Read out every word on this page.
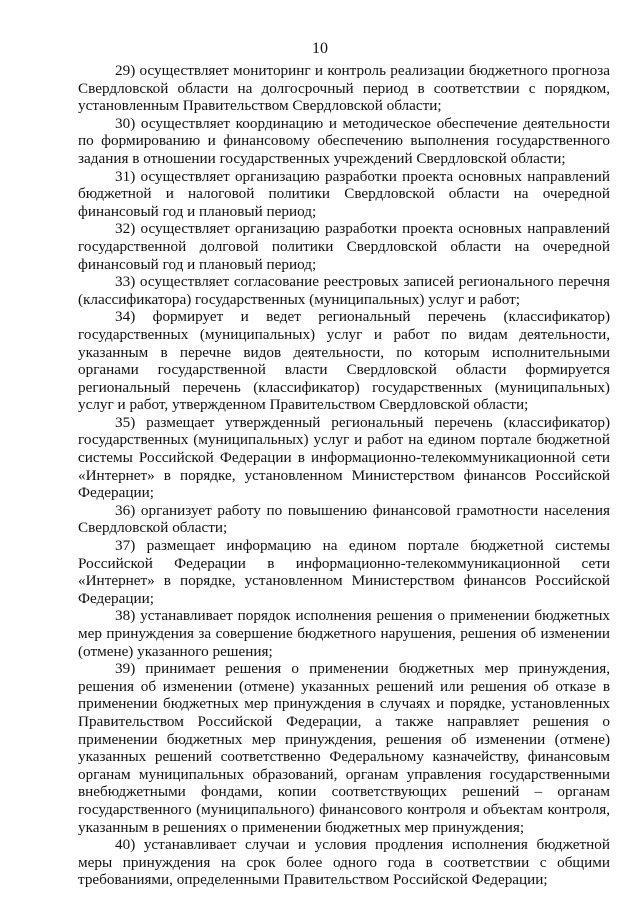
10

29) осуществляет мониторинг и контроль реализации бюджетного прогноза Свердловской области на долгосрочный период в соответствии с порядком, установленным Правительством Свердловской области;

30) осуществляет координацию и методическое обеспечение деятельности по формированию и финансовому обеспечению выполнения государственного задания в отношении государственных учреждений Свердловской области;

31) осуществляет организацию разработки проекта основных направлений бюджетной и налоговой политики Свердловской области на очередной финансовый год и плановый период;

32) осуществляет организацию разработки проекта основных направлений государственной долговой политики Свердловской области на очередной финансовый год и плановый период;

33) осуществляет согласование реестровых записей регионального перечня (классификатора) государственных (муниципальных) услуг и работ;

34) формирует и ведет региональный перечень (классификатор) государственных (муниципальных) услуг и работ по видам деятельности, указанным в перечне видов деятельности, по которым исполнительными органами государственной власти Свердловской области формируется региональный перечень (классификатор) государственных (муниципальных) услуг и работ, утвержденном Правительством Свердловской области;

35) размещает утвержденный региональный перечень (классификатор) государственных (муниципальных) услуг и работ на едином портале бюджетной системы Российской Федерации в информационно-телекоммуникационной сети «Интернет» в порядке, установленном Министерством финансов Российской Федерации;

36) организует работу по повышению финансовой грамотности населения Свердловской области;

37) размещает информацию на едином портале бюджетной системы Российской Федерации в информационно-телекоммуникационной сети «Интернет» в порядке, установленном Министерством финансов Российской Федерации;

38) устанавливает порядок исполнения решения о применении бюджетных мер принуждения за совершение бюджетного нарушения, решения об изменении (отмене) указанного решения;

39) принимает решения о применении бюджетных мер принуждения, решения об изменении (отмене) указанных решений или решения об отказе в применении бюджетных мер принуждения в случаях и порядке, установленных Правительством Российской Федерации, а также направляет решения о применении бюджетных мер принуждения, решения об изменении (отмене) указанных решений соответственно Федеральному казначейству, финансовым органам муниципальных образований, органам управления государственными внебюджетными фондами, копии соответствующих решений – органам государственного (муниципального) финансового контроля и объектам контроля, указанным в решениях о применении бюджетных мер принуждения;

40) устанавливает случаи и условия продления исполнения бюджетной меры принуждения на срок более одного года в соответствии с общими требованиями, определенными Правительством Российской Федерации;
